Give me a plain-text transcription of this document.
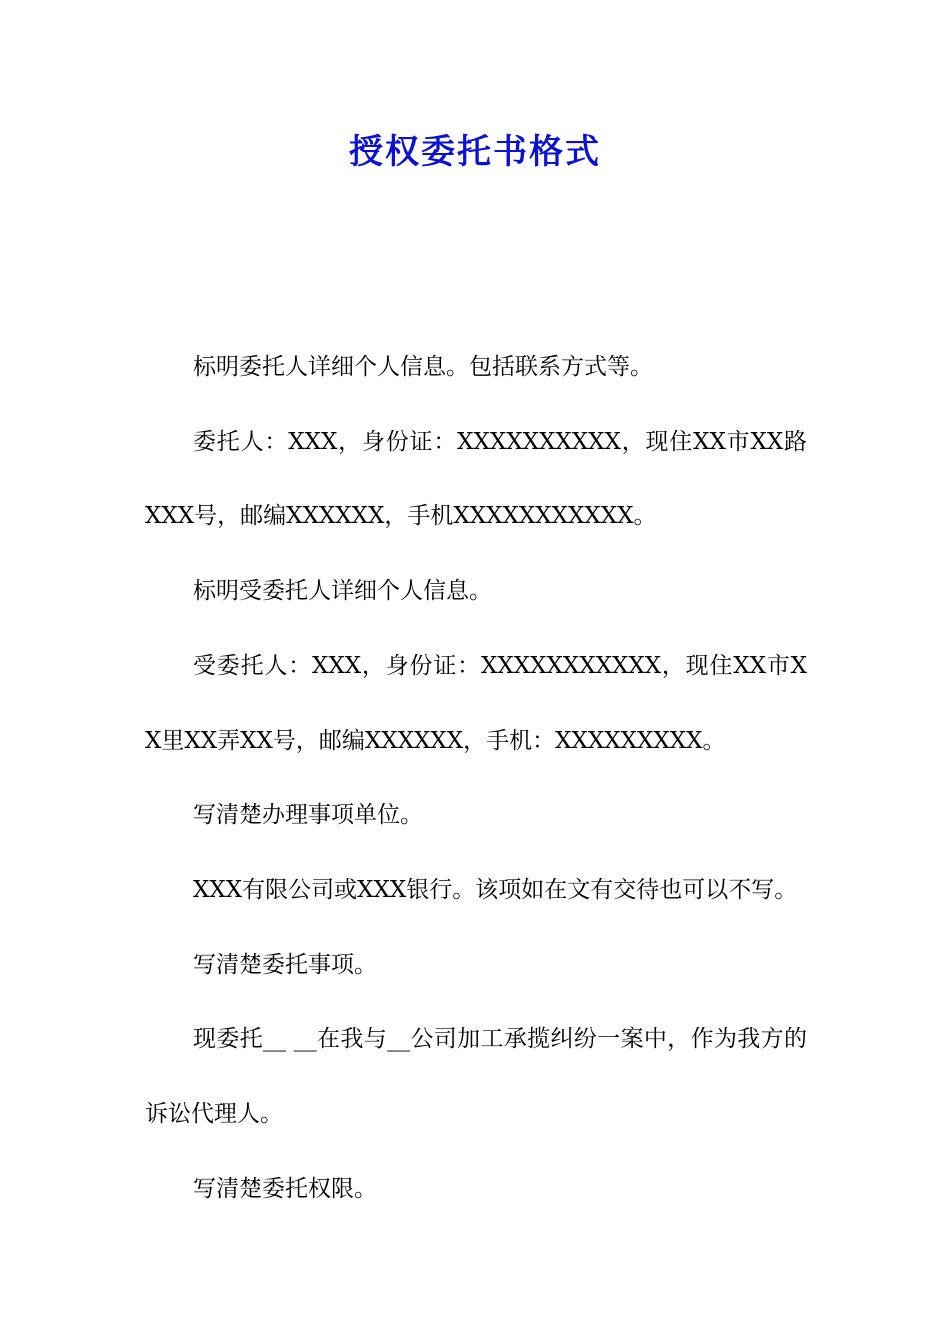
授权委托书格式

标明委托人详细个人信息。包括联系方式等。

委托人：XXX，身份证：XXXXXXXXXX，现住XX市XX路XXX号，邮编XXXXXX，手机XXXXXXXXXXX。

标明受委托人详细个人信息。

受委托人：XXX，身份证：XXXXXXXXXXX，现住XX市XX里XX弄XX号，邮编XXXXXX，手机：XXXXXXXXX。

写清楚办理事项单位。

XXX有限公司或XXX银行。该项如在文有交待也可以不写。

写清楚委托事项。

现委托__ __在我与__公司加工承揽纠纷一案中，作为我方的诉讼代理人。

写清楚委托权限。
